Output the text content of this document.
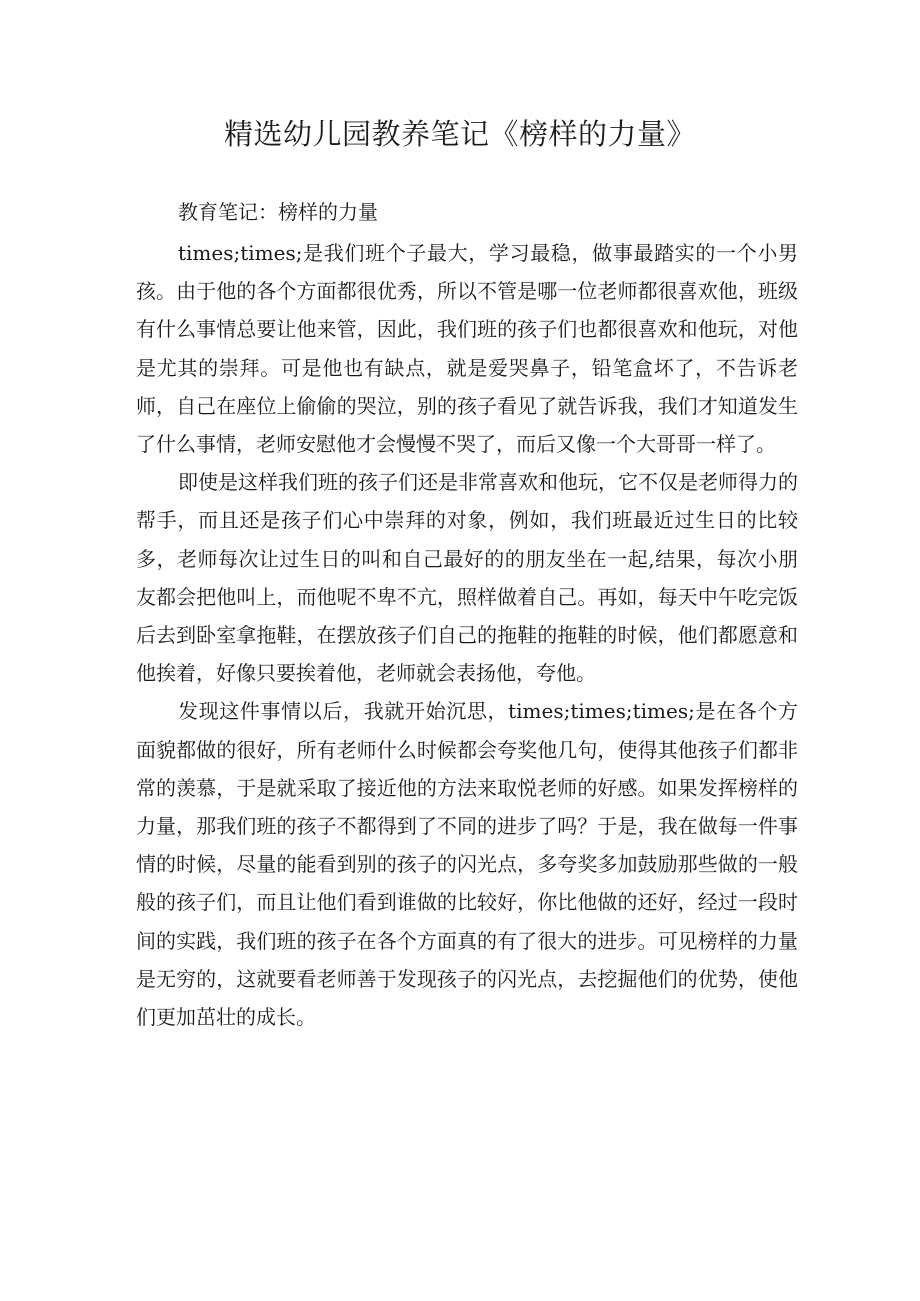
精选幼儿园教养笔记《榜样的力量》

教育笔记：榜样的力量

times;times;是我们班个子最大，学习最稳，做事最踏实的一个小男孩。由于他的各个方面都很优秀，所以不管是哪一位老师都很喜欢他，班级有什么事情总要让他来管，因此，我们班的孩子们也都很喜欢和他玩，对他是尤其的崇拜。可是他也有缺点，就是爱哭鼻子，铅笔盒坏了，不告诉老师，自己在座位上偷偷的哭泣，别的孩子看见了就告诉我，我们才知道发生了什么事情，老师安慰他才会慢慢不哭了，而后又像一个大哥哥一样了。

即使是这样我们班的孩子们还是非常喜欢和他玩，它不仅是老师得力的帮手，而且还是孩子们心中崇拜的对象，例如，我们班最近过生日的比较多，老师每次让过生日的叫和自己最好的的朋友坐在一起,结果，每次小朋友都会把他叫上，而他呢不卑不亢，照样做着自己。再如，每天中午吃完饭后去到卧室拿拖鞋，在摆放孩子们自己的拖鞋的拖鞋的时候，他们都愿意和他挨着，好像只要挨着他，老师就会表扬他，夸他。

发现这件事情以后，我就开始沉思，times;times;times;是在各个方面貌都做的很好，所有老师什么时候都会夸奖他几句，使得其他孩子们都非常的羡慕，于是就采取了接近他的方法来取悦老师的好感。如果发挥榜样的力量，那我们班的孩子不都得到了不同的进步了吗？于是，我在做每一件事情的时候，尽量的能看到别的孩子的闪光点，多夸奖多加鼓励那些做的一般般的孩子们，而且让他们看到谁做的比较好，你比他做的还好，经过一段时间的实践，我们班的孩子在各个方面真的有了很大的进步。可见榜样的力量是无穷的，这就要看老师善于发现孩子的闪光点，去挖掘他们的优势，使他们更加茁壮的成长。
